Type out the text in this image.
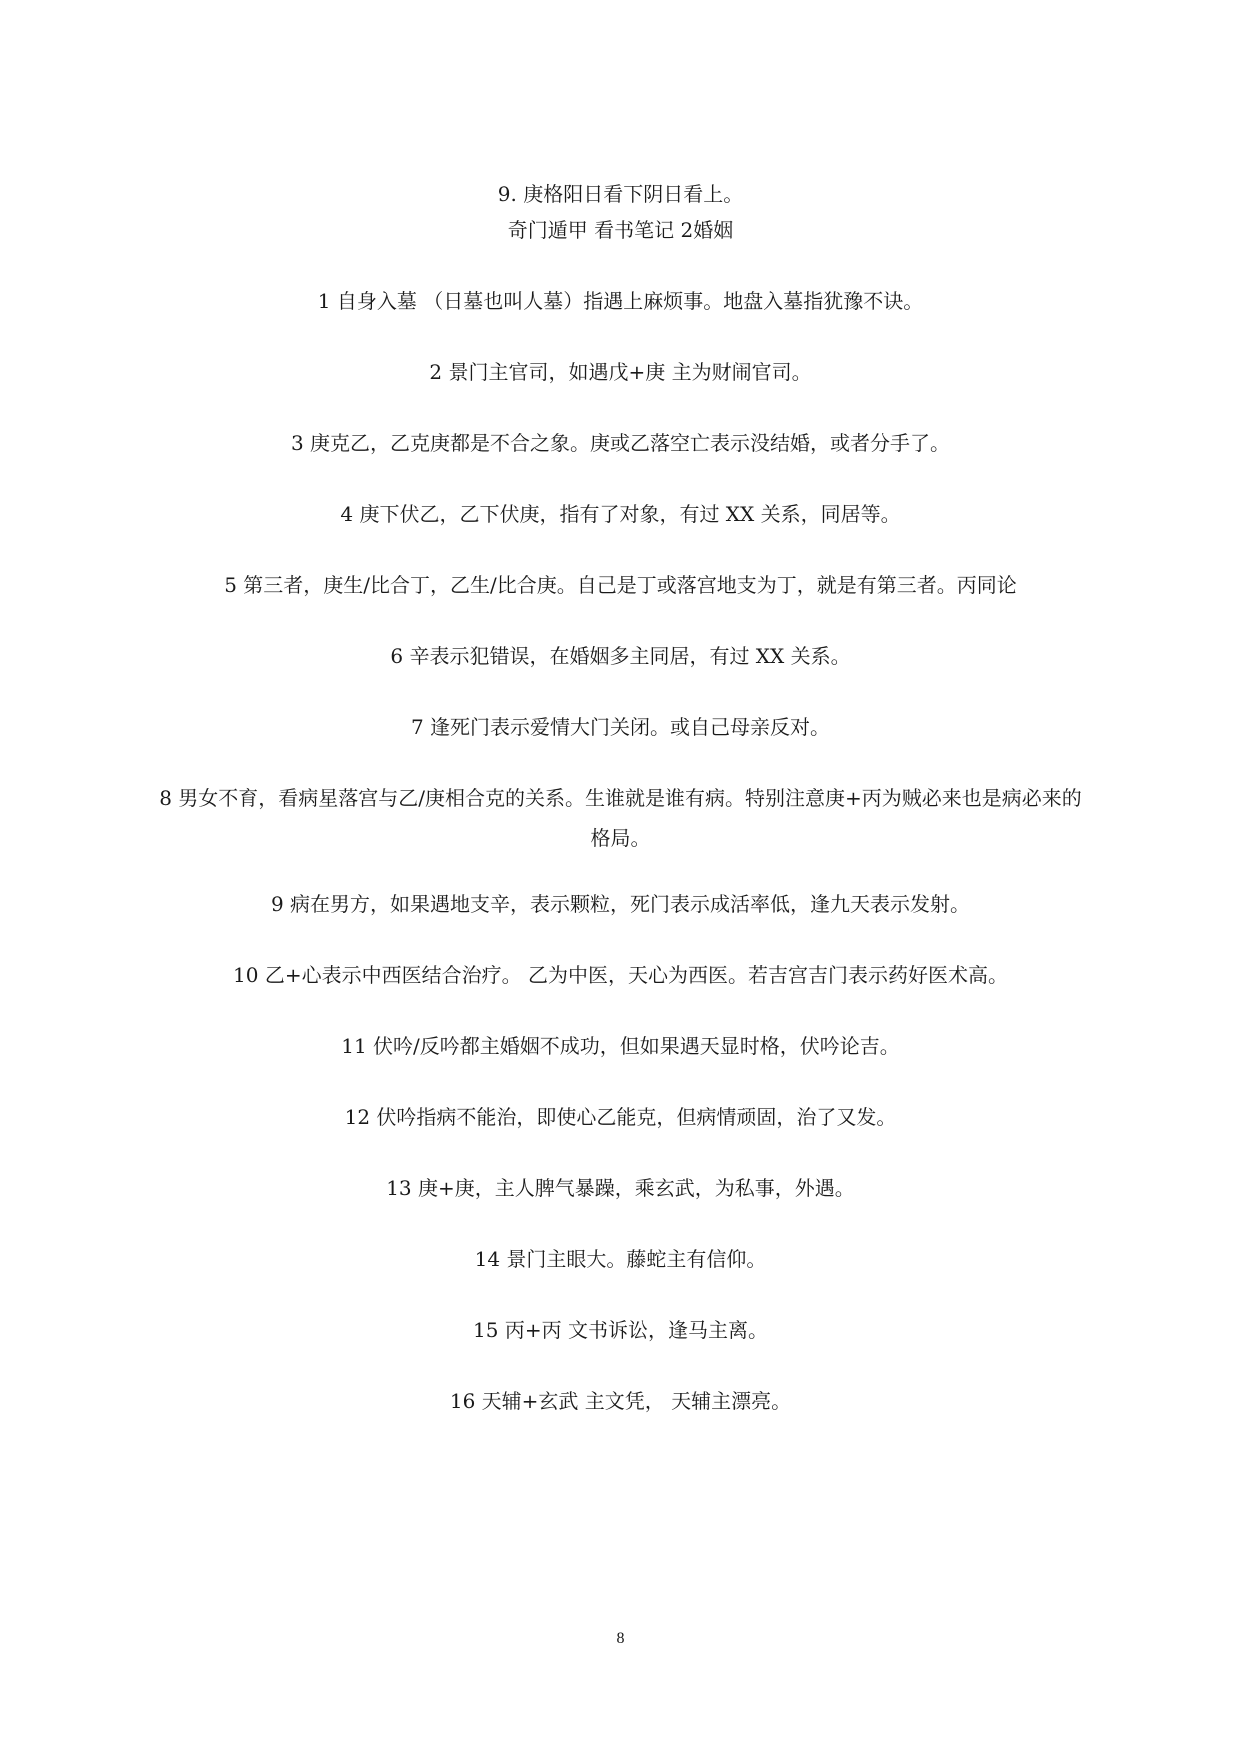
9. 庚格阳日看下阴日看上。
奇门遁甲 看书笔记 2婚姻
1 自身入墓 （日墓也叫人墓）指遇上麻烦事。地盘入墓指犹豫不诀。
2 景门主官司，如遇戊+庚 主为财闹官司。
3 庚克乙，乙克庚都是不合之象。庚或乙落空亡表示没结婚，或者分手了。
4 庚下伏乙，乙下伏庚，指有了对象，有过 XX 关系，同居等。
5 第三者，庚生/比合丁，乙生/比合庚。自己是丁或落宫地支为丁，就是有第三者。丙同论
6 辛表示犯错误，在婚姻多主同居，有过 XX 关系。
7 逢死门表示爱情大门关闭。或自己母亲反对。
8 男女不育，看病星落宫与乙/庚相合克的关系。生谁就是谁有病。特别注意庚+丙为贼必来也是病必来的格局。
9 病在男方，如果遇地支辛，表示颗粒，死门表示成活率低，逢九天表示发射。
10 乙+心表示中西医结合治疗。 乙为中医，天心为西医。若吉宫吉门表示药好医术高。
11 伏吟/反吟都主婚姻不成功，但如果遇天显时格，伏吟论吉。
12 伏吟指病不能治，即使心乙能克，但病情顽固，治了又发。
13 庚+庚，主人脾气暴躁，乘玄武，为私事，外遇。
14 景门主眼大。藤蛇主有信仰。
15 丙+丙 文书诉讼，逢马主离。
16 天辅+玄武 主文凭， 天辅主漂亮。
8
